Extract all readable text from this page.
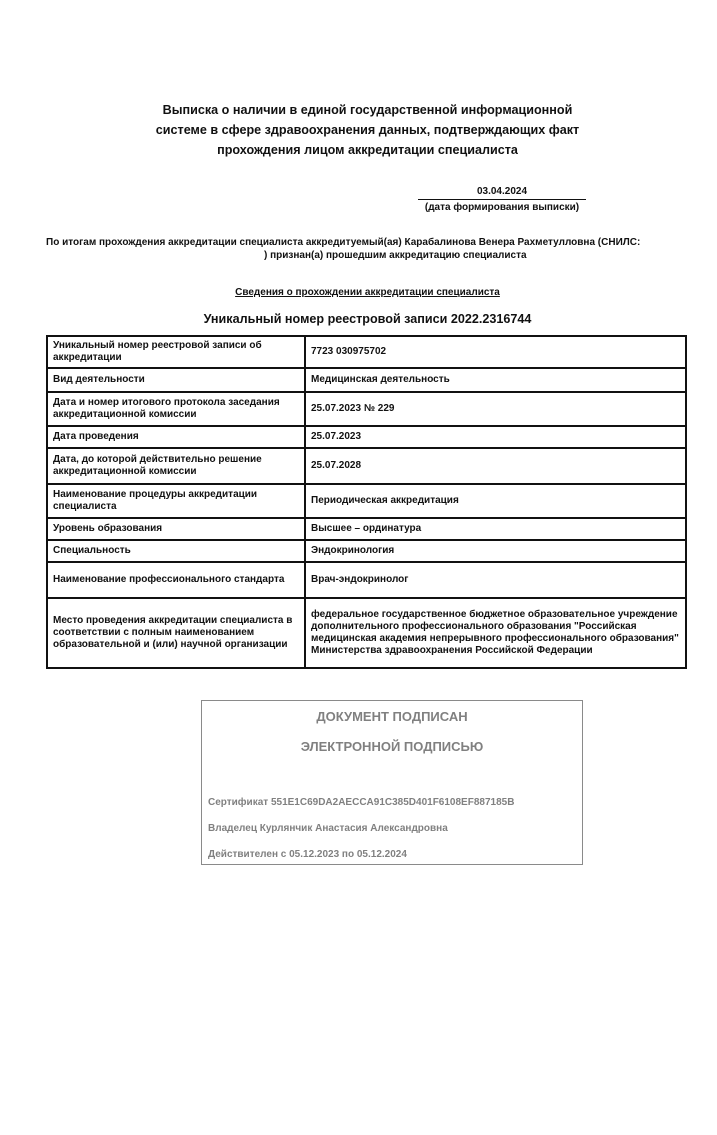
Выписка о наличии в единой государственной информационной
системе в сфере здравоохранения данных, подтверждающих факт
прохождения лицом аккредитации специалиста
03.04.2024
(дата формирования выписки)
По итогам прохождения аккредитации специалиста аккредитуемый(ая) Карабалинова Венера Рахметулловна (СНИЛС:
) признан(а) прошедшим аккредитацию специалиста
Сведения о прохождении аккредитации специалиста
Уникальный номер реестровой записи 2022.2316744
Уникальный номер реестровой записи об аккредитации	7723 030975702
Вид деятельности	Медицинская деятельность
Дата и номер итогового протокола заседания аккредитационной комиссии	25.07.2023 № 229
Дата проведения	25.07.2023
Дата, до которой действительно решение аккредитационной комиссии	25.07.2028
Наименование процедуры аккредитации специалиста	Периодическая аккредитация
Уровень образования	Высшее – ординатура
Специальность	Эндокринология
Наименование профессионального стандарта	Врач-эндокринолог
Место проведения аккредитации специалиста в соответствии с полным наименованием образовательной и (или) научной организации	федеральное государственное бюджетное образовательное учреждение дополнительного профессионального образования "Российская медицинская академия непрерывного профессионального образования" Министерства здравоохранения Российской Федерации
ДОКУМЕНТ ПОДПИСАН
ЭЛЕКТРОННОЙ ПОДПИСЬЮ
Сертификат 551E1C69DA2AECCA91C385D401F6108EF887185B
Владелец Курлянчик Анастасия Александровна
Действителен с 05.12.2023 по 05.12.2024
